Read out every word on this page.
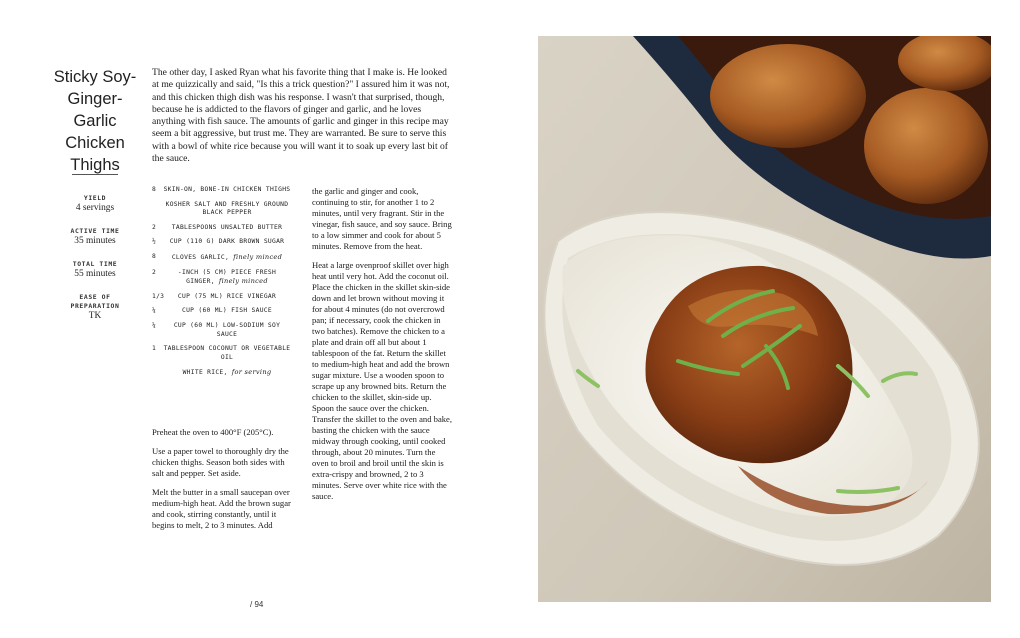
Sticky Soy-
Ginger-
Garlic
Chicken
Thighs
YIELD
4 servings
ACTIVE TIME
35 minutes
TOTAL TIME
55 minutes
EASE OF PREPARATION
TK

The other day, I asked Ryan what his favorite thing that I make is. He looked at me quizzically and said, "Is this a trick question?" I assured him it was not, and this chicken thigh dish was his response. I wasn't that surprised, though, because he is addicted to the flavors of ginger and garlic, and he loves anything with fish sauce. The amounts of garlic and ginger in this recipe may seem a bit aggressive, but trust me. They are warranted. Be sure to serve this with a bowl of white rice because you will want it to soak up every last bit of the sauce.

8	SKIN-ON, BONE-IN CHICKEN THIGHS
KOSHER SALT AND FRESHLY GROUND BLACK PEPPER
2	TABLESPOONS UNSALTED BUTTER
½	CUP (110 G) DARK BROWN SUGAR
8	CLOVES GARLIC, finely minced
2	-INCH (5 CM) PIECE FRESH GINGER, finely minced
1/3	CUP (75 ML) RICE VINEGAR
¼	CUP (60 ML) FISH SAUCE
¼	CUP (60 ML) LOW-SODIUM SOY SAUCE
1	TABLESPOON COCONUT OR VEGETABLE OIL
WHITE RICE, for serving

Preheat the oven to 400°F (205°C).

Use a paper towel to thoroughly dry the chicken thighs. Season both sides with salt and pepper. Set aside.

Melt the butter in a small saucepan over medium-high heat. Add the brown sugar and cook, stirring constantly, until it begins to melt, 2 to 3 minutes. Add

the garlic and ginger and cook, continuing to stir, for another 1 to 2 minutes, until very fragrant. Stir in the vinegar, fish sauce, and soy sauce. Bring to a low simmer and cook for about 5 minutes. Remove from the heat.

Heat a large ovenproof skillet over high heat until very hot. Add the coconut oil. Place the chicken in the skillet skin-side down and let brown without moving it for about 4 minutes (do not overcrowd pan; if necessary, cook the chicken in two batches). Remove the chicken to a plate and drain off all but about 1 tablespoon of the fat. Return the skillet to medium-high heat and add the brown sugar mixture. Use a wooden spoon to scrape up any browned bits. Return the chicken to the skillet, skin-side up. Spoon the sauce over the chicken. Transfer the skillet to the oven and bake, basting the chicken with the sauce midway through cooking, until cooked through, about 20 minutes. Turn the oven to broil and broil until the skin is extra-crispy and browned, 2 to 3 minutes. Serve over white rice with the sauce.

/ 94
